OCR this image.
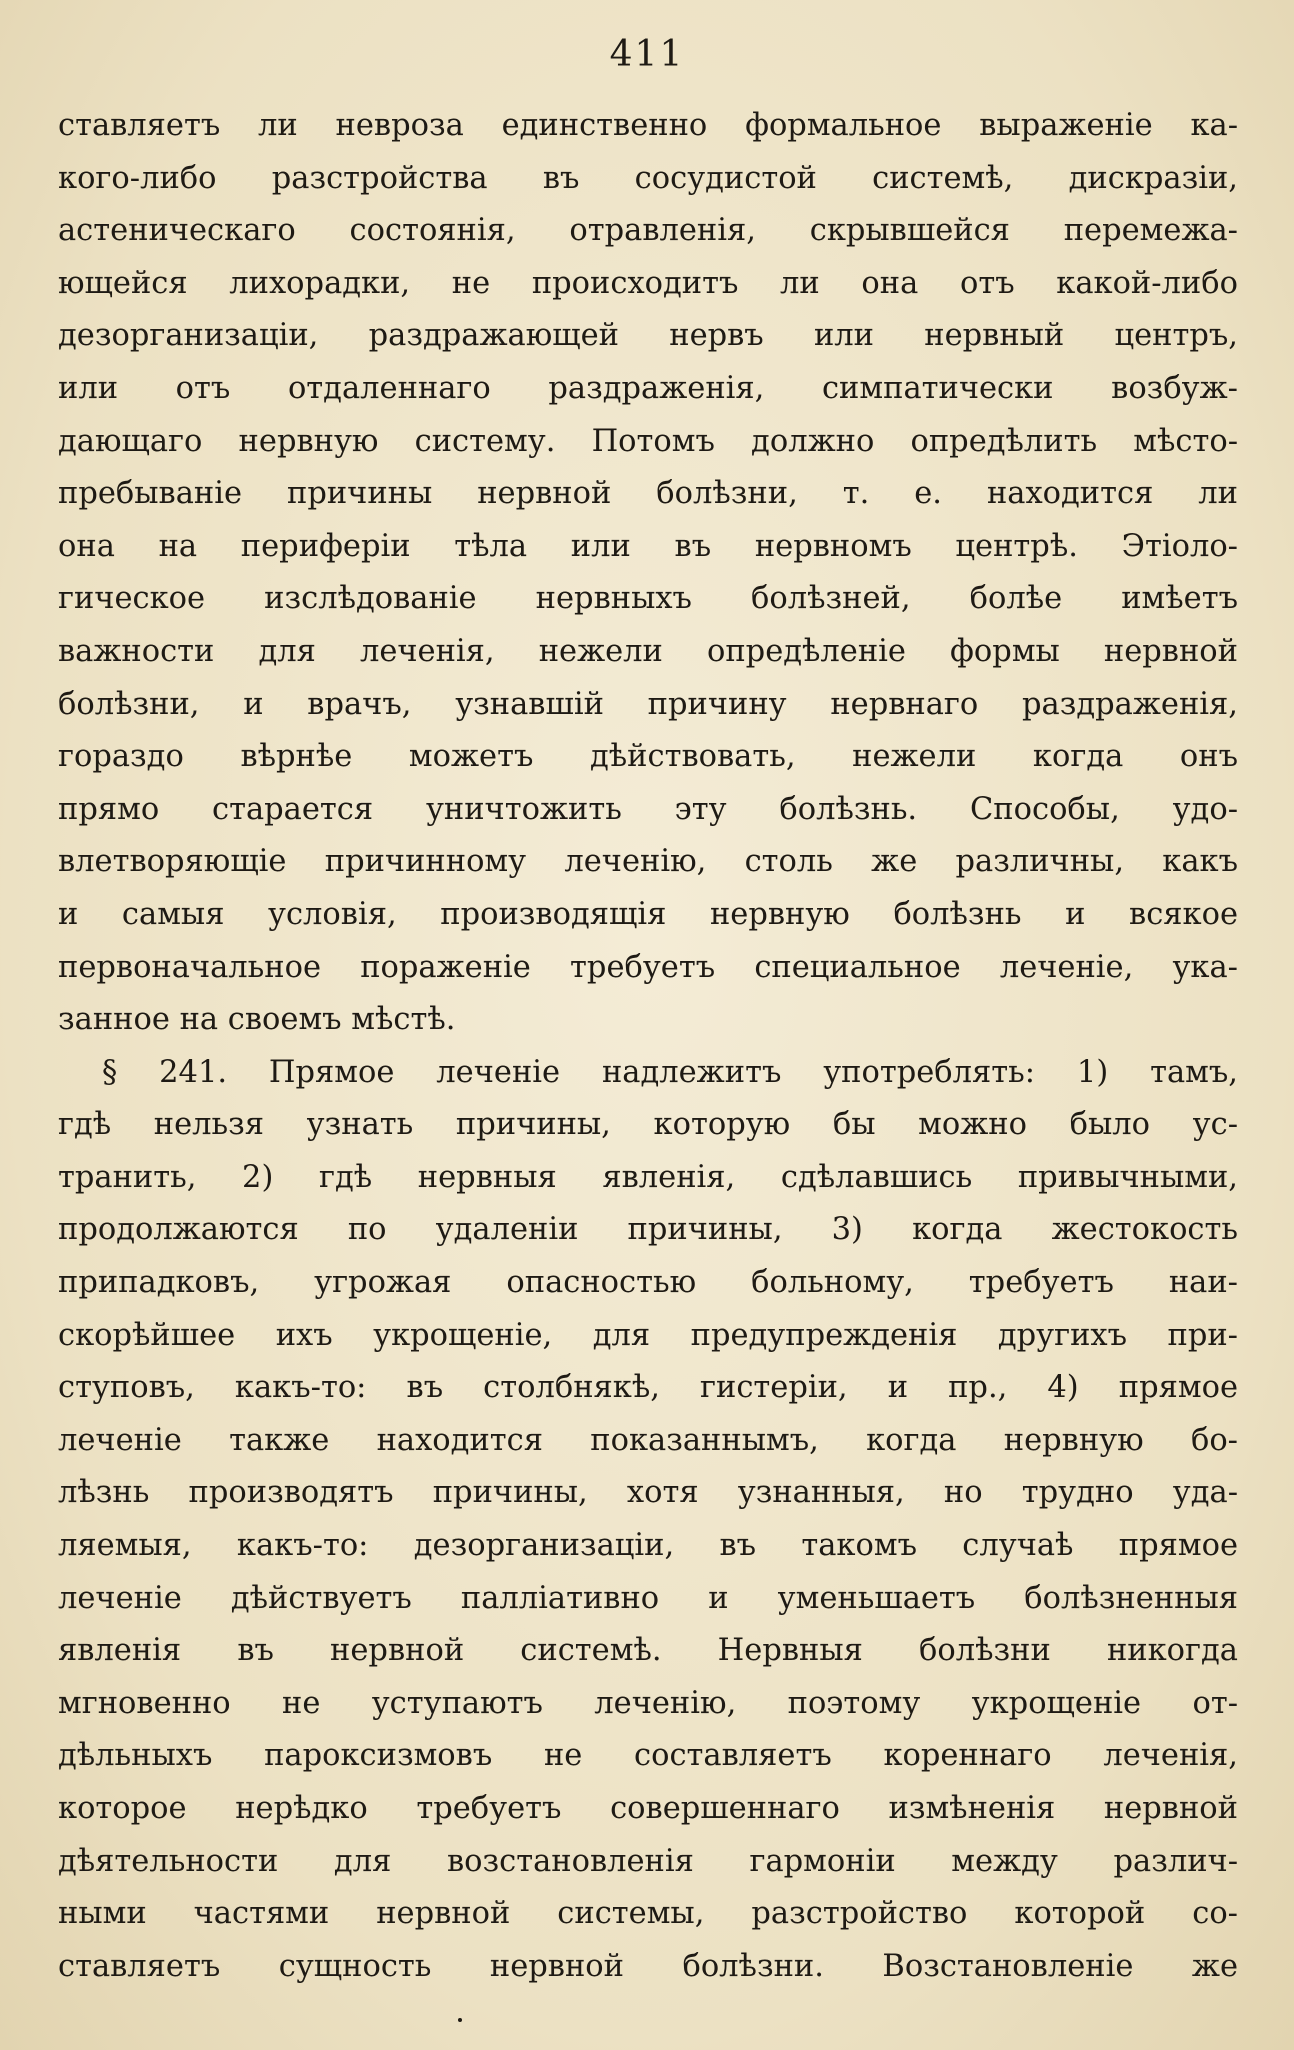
411
ставляетъ ли невроза единственно формальное выраженіе ка-
кого-либо разстройства въ сосудистой системѣ, дискразіи,
астеническаго состоянія, отравленія, скрывшейся перемежа-
ющейся лихорадки, не происходитъ ли она отъ какой-либо
дезорганизаціи, раздражающей нервъ или нервный центръ,
или отъ отдаленнаго раздраженія, симпатически возбуж-
дающаго нервную систему. Потомъ должно опредѣлить мѣсто-
пребываніе причины нервной болѣзни, т. е. находится ли
она на периферіи тѣла или въ нервномъ центрѣ. Этіоло-
гическое изслѣдованіе нервныхъ болѣзней, болѣе имѣетъ
важности для леченія, нежели опредѣленіе формы нервной
болѣзни, и врачъ, узнавшій причину нервнаго раздраженія,
гораздо вѣрнѣе можетъ дѣйствовать, нежели когда онъ
прямо старается уничтожить эту болѣзнь. Способы, удо-
влетворяющіе причинному леченію, столь же различны, какъ
и самыя условія, производящія нервную болѣзнь и всякое
первоначальное пораженіе требуетъ специальное леченіе, ука-
занное на своемъ мѣстѣ.
§ 241. Прямое леченіе надлежитъ употреблять: 1) тамъ,
гдѣ нельзя узнать причины, которую бы можно было ус-
транить, 2) гдѣ нервныя явленія, сдѣлавшись привычными,
продолжаются по удаленіи причины, 3) когда жестокость
припадковъ, угрожая опасностью больному, требуетъ наи-
скорѣйшее ихъ укрощеніе, для предупрежденія другихъ при-
ступовъ, какъ-то: въ столбнякѣ, гистеріи, и пр., 4) прямое
леченіе также находится показаннымъ, когда нервную бо-
лѣзнь производятъ причины, хотя узнанныя, но трудно уда-
ляемыя, какъ-то: дезорганизаціи, въ такомъ случаѣ прямое
леченіе дѣйствуетъ палліативно и уменьшаетъ болѣзненныя
явленія въ нервной системѣ. Нервныя болѣзни никогда
мгновенно не уступаютъ леченію, поэтому укрощеніе от-
дѣльныхъ пароксизмовъ не составляетъ кореннаго леченія,
которое нерѣдко требуетъ совершеннаго измѣненія нервной
дѣятельности для возстановленія гармоніи между различ-
ными частями нервной системы, разстройство которой со-
ставляетъ сущность нервной болѣзни. Возстановленіе же
